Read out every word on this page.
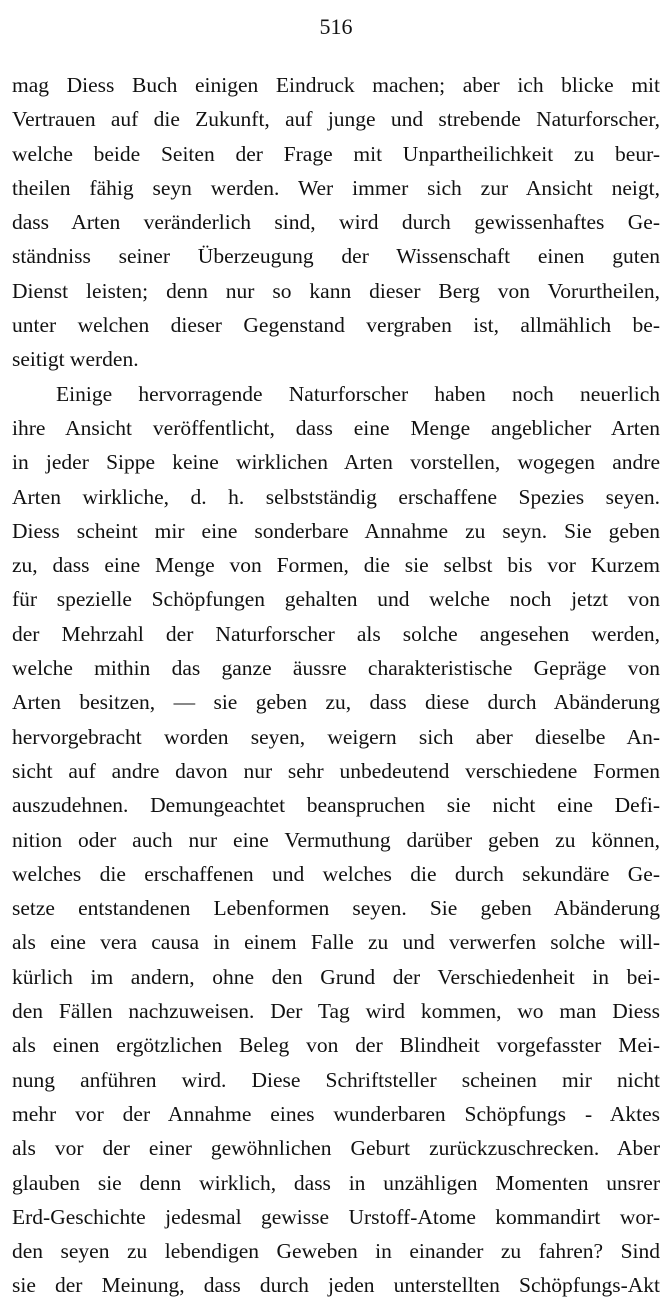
516
mag Diess Buch einigen Eindruck machen; aber ich blicke mit
Vertrauen auf die Zukunft, auf junge und strebende Naturforscher,
welche beide Seiten der Frage mit Unpartheilichkeit zu beur-
theilen fähig seyn werden. Wer immer sich zur Ansicht neigt,
dass Arten veränderlich sind, wird durch gewissenhaftes Ge-
ständniss seiner Überzeugung der Wissenschaft einen guten
Dienst leisten; denn nur so kann dieser Berg von Vorurtheilen,
unter welchen dieser Gegenstand vergraben ist, allmählich be-
seitigt werden.
Einige hervorragende Naturforscher haben noch neuerlich
ihre Ansicht veröffentlicht, dass eine Menge angeblicher Arten
in jeder Sippe keine wirklichen Arten vorstellen, wogegen andre
Arten wirkliche, d. h. selbstständig erschaffene Spezies seyen.
Diess scheint mir eine sonderbare Annahme zu seyn. Sie geben
zu, dass eine Menge von Formen, die sie selbst bis vor Kurzem
für spezielle Schöpfungen gehalten und welche noch jetzt von
der Mehrzahl der Naturforscher als solche angesehen werden,
welche mithin das ganze äussre charakteristische Gepräge von
Arten besitzen, — sie geben zu, dass diese durch Abänderung
hervorgebracht worden seyen, weigern sich aber dieselbe An-
sicht auf andre davon nur sehr unbedeutend verschiedene Formen
auszudehnen. Demungeachtet beanspruchen sie nicht eine Defi-
nition oder auch nur eine Vermuthung darüber geben zu können,
welches die erschaffenen und welches die durch sekundäre Ge-
setze entstandenen Lebenformen seyen. Sie geben Abänderung
als eine vera causa in einem Falle zu und verwerfen solche will-
kürlich im andern, ohne den Grund der Verschiedenheit in bei-
den Fällen nachzuweisen. Der Tag wird kommen, wo man Diess
als einen ergötzlichen Beleg von der Blindheit vorgefasster Mei-
nung anführen wird. Diese Schriftsteller scheinen mir nicht
mehr vor der Annahme eines wunderbaren Schöpfungs - Aktes
als vor der einer gewöhnlichen Geburt zurückzuschrecken. Aber
glauben sie denn wirklich, dass in unzähligen Momenten unsrer
Erd-Geschichte jedesmal gewisse Urstoff-Atome kommandirt wor-
den seyen zu lebendigen Geweben in einander zu fahren? Sind
sie der Meinung, dass durch jeden unterstellten Schöpfungs-Akt
